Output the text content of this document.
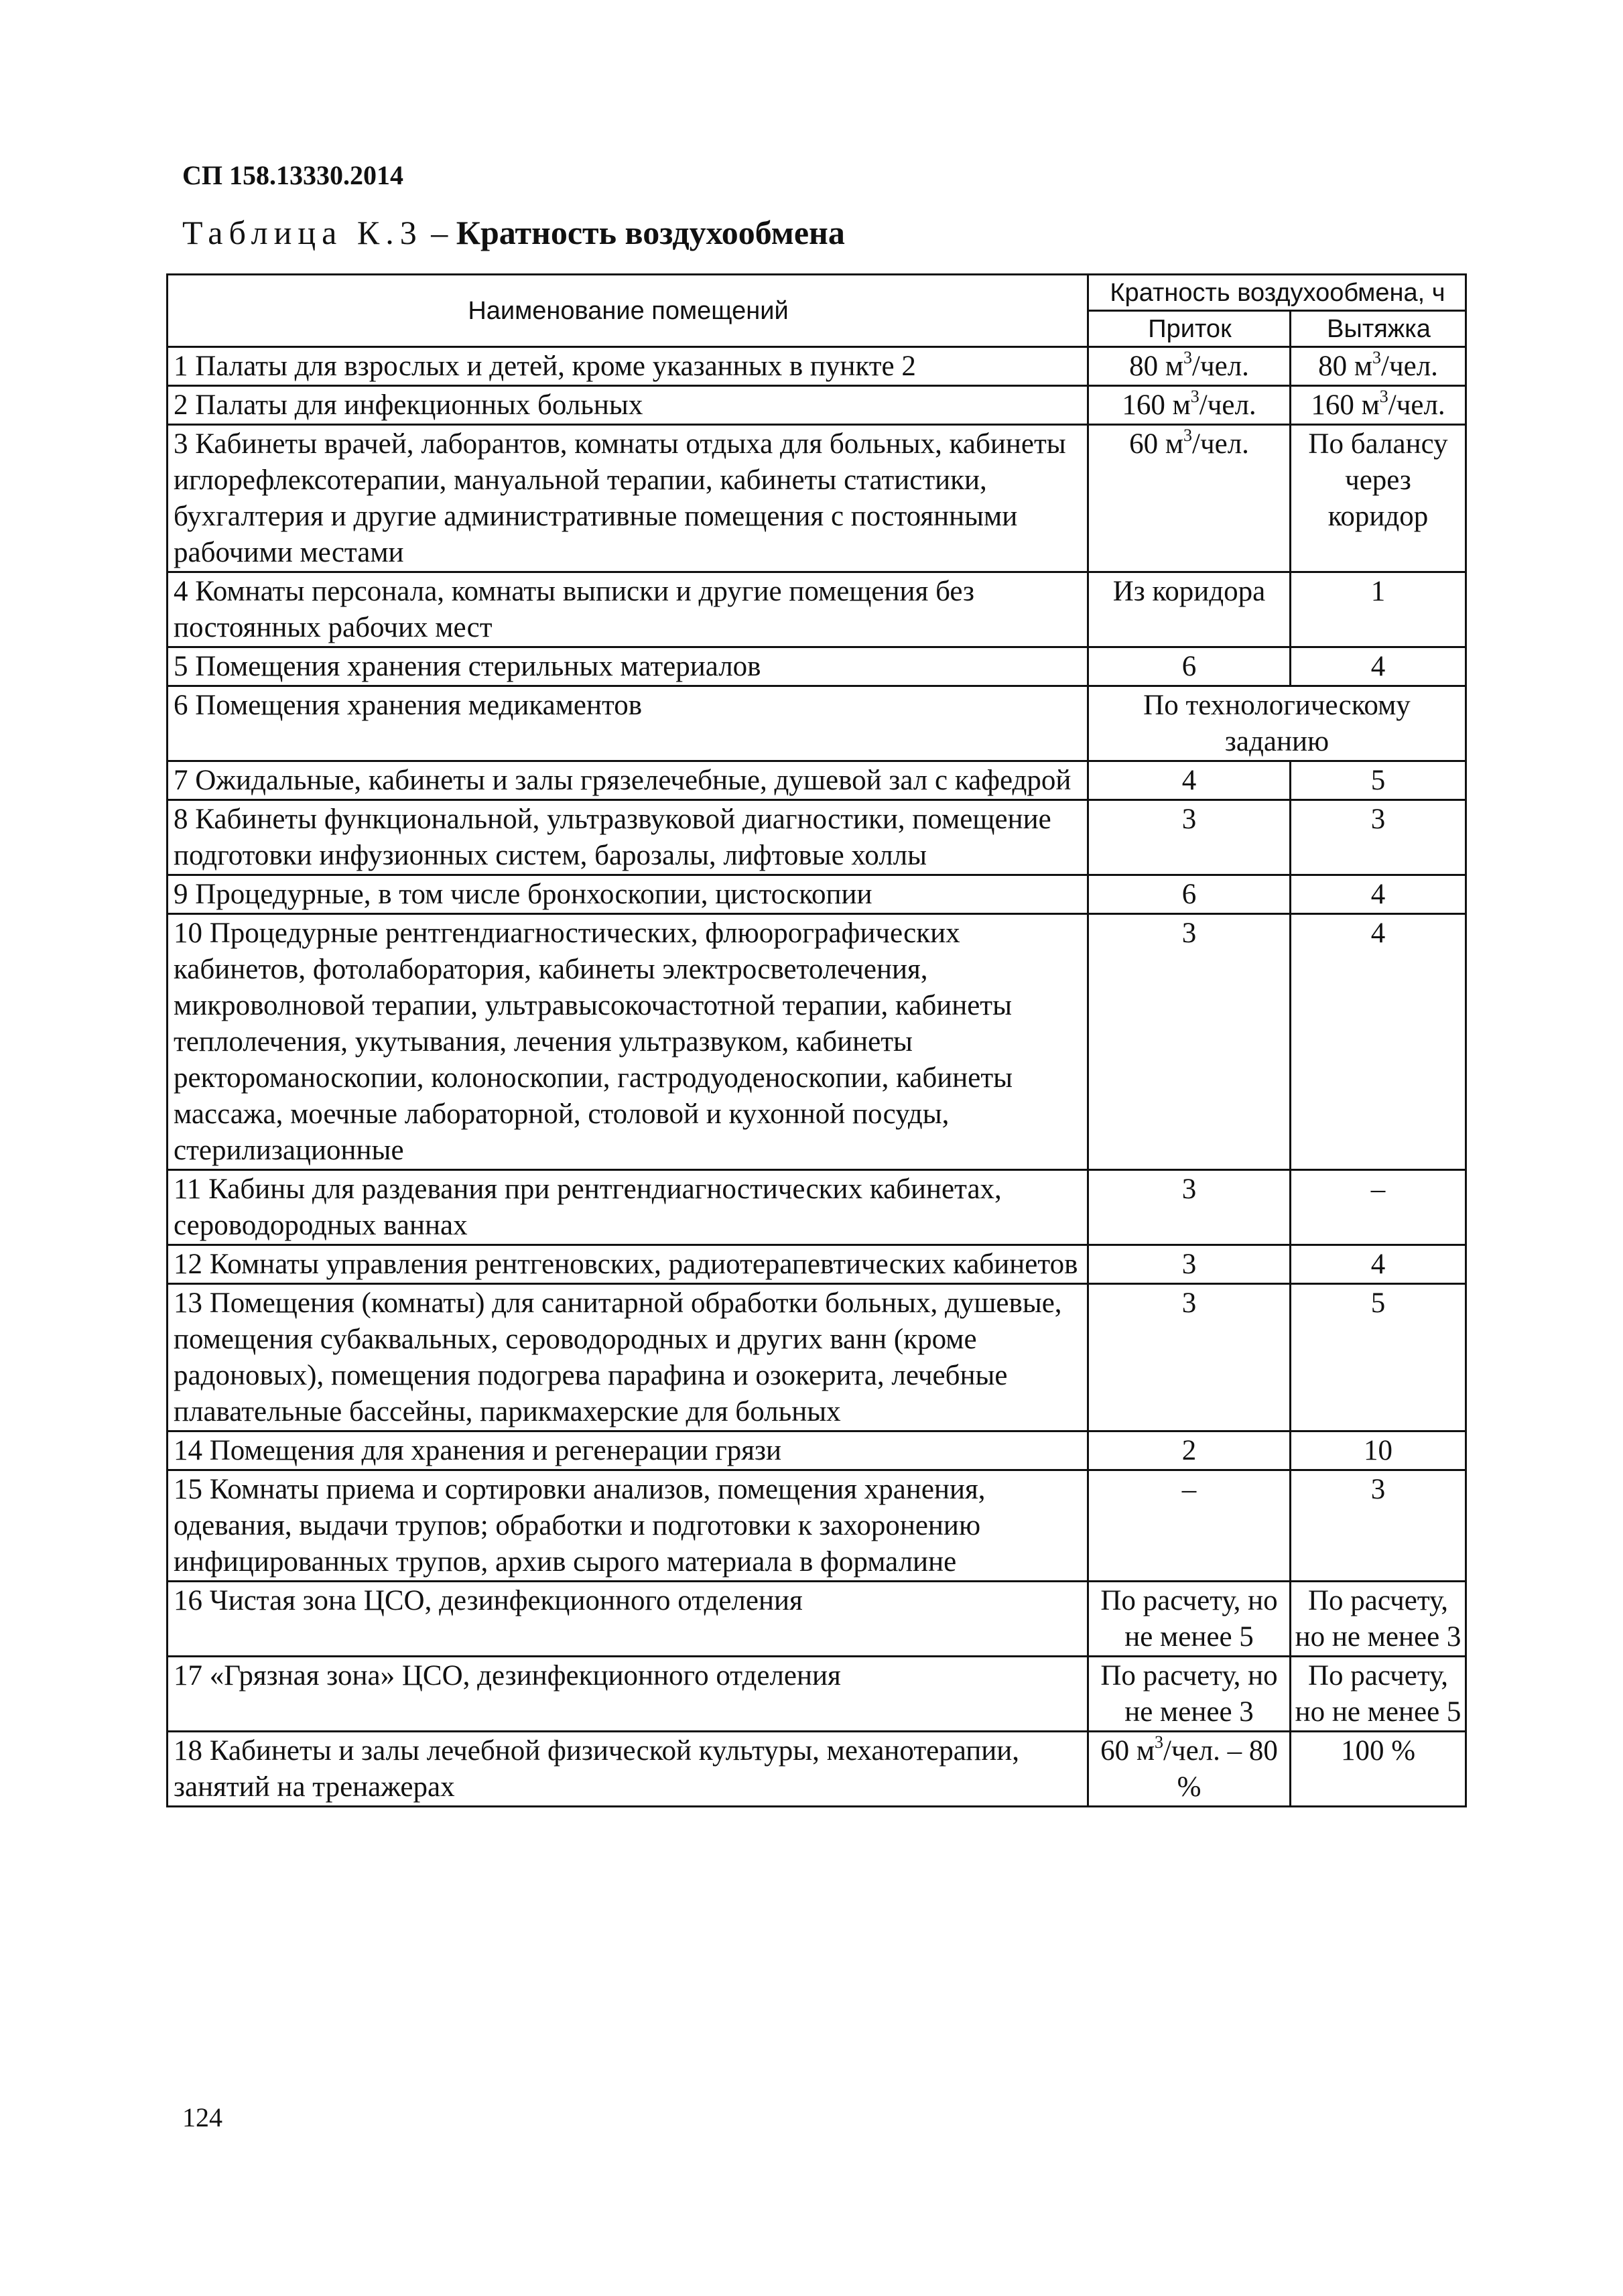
СП 158.13330.2014
Таблица К.3 – Кратность воздухообмена
Наименование помещений	Кратность воздухообмена, ч	
	Приток	Вытяжка
1 Палаты для взрослых и детей, кроме указанных в пункте 2	80 $м^3$/чел.	80 $м^3$/чел.
2 Палаты для инфекционных больных	160 $м^3$/чел.	160 $м^3$/чел.
3 Кабинеты врачей, лаборантов, комнаты отдыха для больных, кабинеты иглорефлексотерапии, мануальной терапии, кабинеты статистики, бухгалтерия и другие административные помещения с постоянными рабочими местами	60 $м^3$/чел.	По балансу через коридор
4 Комнаты персонала, комнаты выписки и другие помещения без постоянных рабочих мест	Из коридора	1
5 Помещения хранения стерильных материалов	6	4
6 Помещения хранения медикаментов	По технологическому заданию	
7 Ожидальные, кабинеты и залы грязелечебные, душевой зал с кафедрой	4	5
8 Кабинеты функциональной, ультразвуковой диагностики, помещение подготовки инфузионных систем, барозалы, лифтовые холлы	3	3
9 Процедурные, в том числе бронхоскопии, цистоскопии	6	4
10 Процедурные рентгендиагностических, флюорографических кабинетов, фотолаборатория, кабинеты электросветолечения, микроволновой терапии, ультравысокочастотной терапии, кабинеты теплолечения, укутывания, лечения ультразвуком, кабинеты ректороманоскопии, колоноскопии, гастродуоденоскопии, кабинеты массажа, моечные лабораторной, столовой и кухонной посуды, стерилизационные	3	4
11 Кабины для раздевания при рентгендиагностических кабинетах, сероводородных ваннах	3	–
12 Комнаты управления рентгеновских, радиотерапевтических кабинетов	3	4
13 Помещения (комнаты) для санитарной обработки больных, душевые, помещения субаквальных, сероводородных и других ванн (кроме радоновых), помещения подогрева парафина и озокерита, лечебные плавательные бассейны, парикмахерские для больных	3	5
14 Помещения для хранения и регенерации грязи	2	10
15 Комнаты приема и сортировки анализов, помещения хранения, одевания, выдачи трупов; обработки и подготовки к захоронению инфицированных трупов, архив сырого материала в формалине	–	3
16 Чистая зона ЦСО, дезинфекционного отделения	По расчету, но не менее 5	По расчету, но не менее 3
17 «Грязная зона» ЦСО, дезинфекционного отделения	По расчету, но не менее 3	По расчету, но не менее 5
18 Кабинеты и залы лечебной физической культуры, механотерапии, занятий на тренажерах	60 $м^3$/чел. – 80 %	100 %
124
